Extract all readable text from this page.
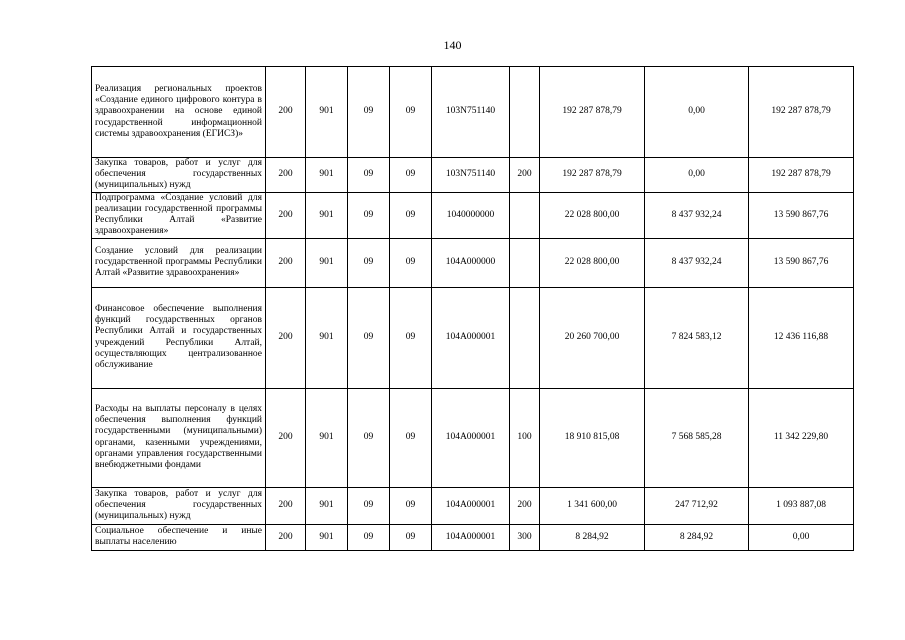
140
Реализация региональных проектов «Создание единого цифрового контура в здравоохранении на основе единой государственной информационной системы здравоохранения (ЕГИСЗ)»	200	901	09	09	103N751140		192 287 878,79	0,00	192 287 878,79
Закупка товаров, работ и услуг для обеспечения государственных (муниципальных) нужд	200	901	09	09	103N751140	200	192 287 878,79	0,00	192 287 878,79
Подпрограмма «Создание условий для реализации государственной программы Республики Алтай «Развитие здравоохранения»	200	901	09	09	1040000000		22 028 800,00	8 437 932,24	13 590 867,76
Создание условий для реализации государственной программы Республики Алтай «Развитие здравоохранения»	200	901	09	09	104А000000		22 028 800,00	8 437 932,24	13 590 867,76
Финансовое обеспечение выполнения функций государственных органов Республики Алтай и государственных учреждений Республики Алтай, осуществляющих централизованное обслуживание	200	901	09	09	104А000001		20 260 700,00	7 824 583,12	12 436 116,88
Расходы на выплаты персоналу в целях обеспечения выполнения функций государственными (муниципальными) органами, казенными учреждениями, органами управления государственными внебюджетными фондами	200	901	09	09	104А000001	100	18 910 815,08	7 568 585,28	11 342 229,80
Закупка товаров, работ и услуг для обеспечения государственных (муниципальных) нужд	200	901	09	09	104А000001	200	1 341 600,00	247 712,92	1 093 887,08
Социальное обеспечение и иные выплаты населению	200	901	09	09	104А000001	300	8 284,92	8 284,92	0,00
